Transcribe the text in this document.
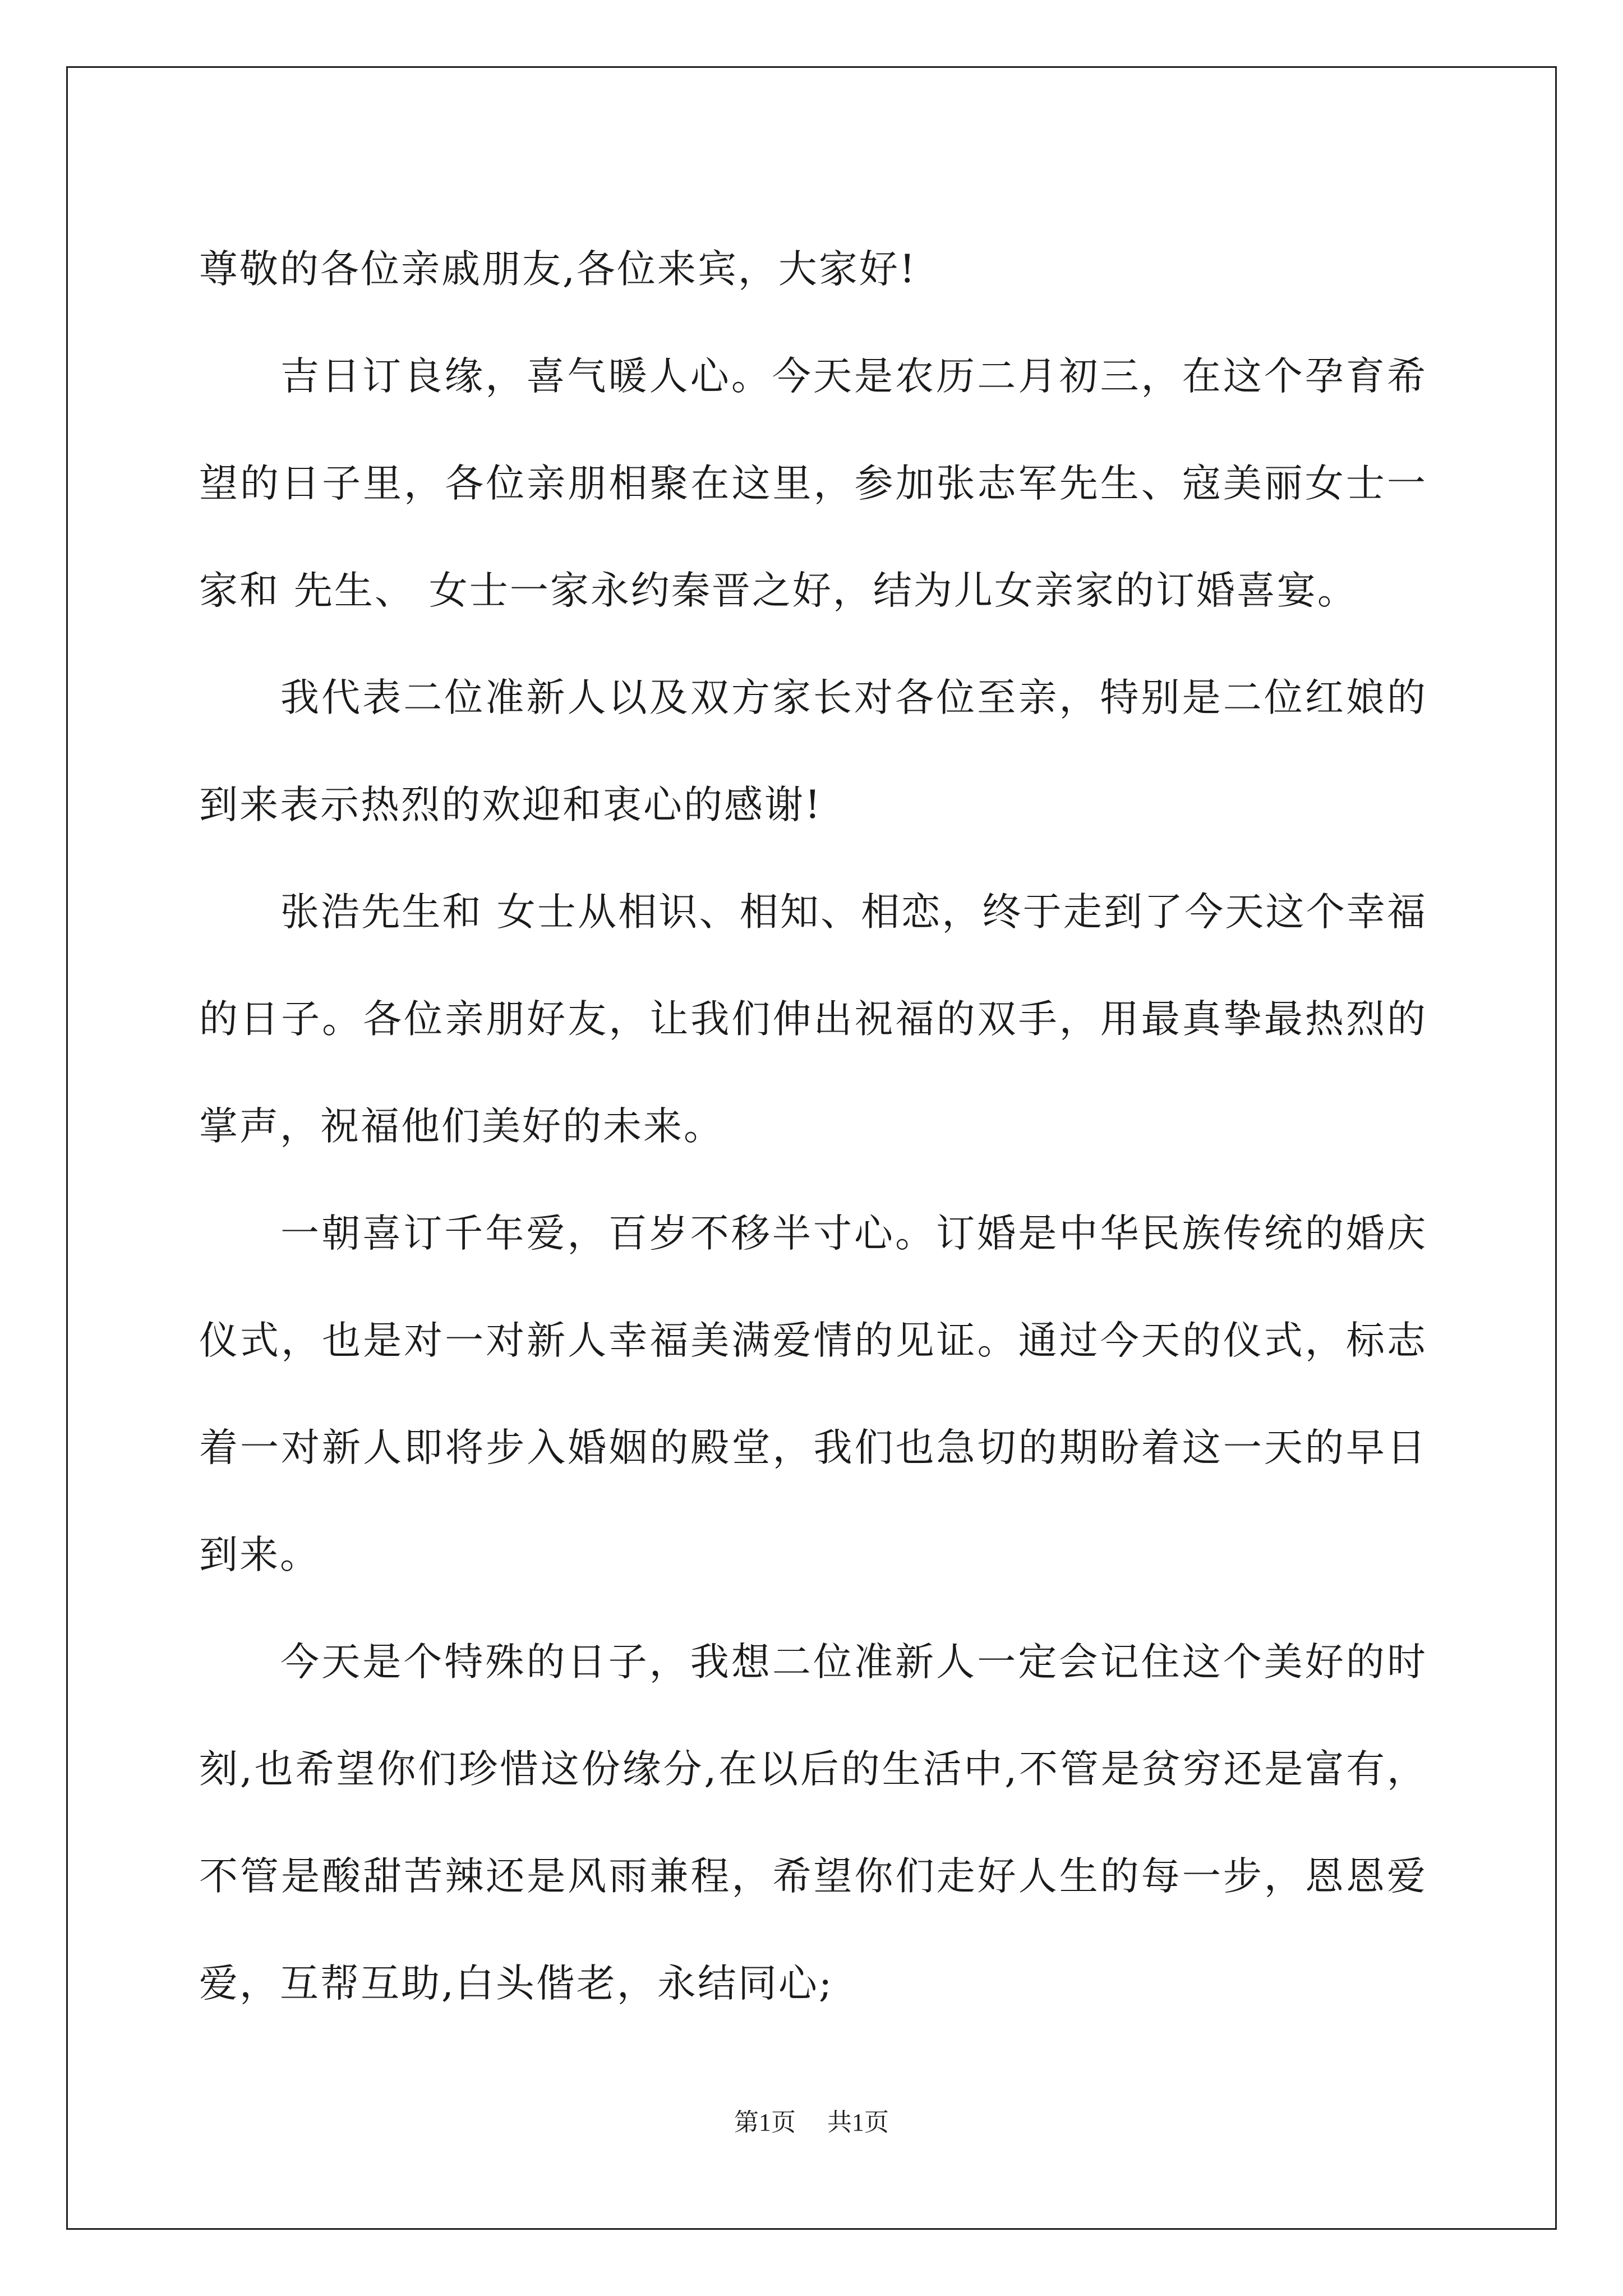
尊敬的各位亲戚朋友,各位来宾，大家好!

吉日订良缘，喜气暖人心。今天是农历二月初三，在这个孕育希望的日子里，各位亲朋相聚在这里，参加张志军先生、寇美丽女士一家和 先生、 女士一家永约秦晋之好，结为儿女亲家的订婚喜宴。

我代表二位准新人以及双方家长对各位至亲，特别是二位红娘的到来表示热烈的欢迎和衷心的感谢!

张浩先生和 女士从相识、相知、相恋，终于走到了今天这个幸福的日子。各位亲朋好友，让我们伸出祝福的双手，用最真挚最热烈的掌声，祝福他们美好的未来。

一朝喜订千年爱，百岁不移半寸心。订婚是中华民族传统的婚庆仪式，也是对一对新人幸福美满爱情的见证。通过今天的仪式，标志着一对新人即将步入婚姻的殿堂，我们也急切的期盼着这一天的早日到来。

今天是个特殊的日子，我想二位准新人一定会记住这个美好的时刻,也希望你们珍惜这份缘分,在以后的生活中,不管是贫穷还是富有，不管是酸甜苦辣还是风雨兼程，希望你们走好人生的每一步，恩恩爱爱，互帮互助,白头偕老，永结同心;

第1页 共1页
